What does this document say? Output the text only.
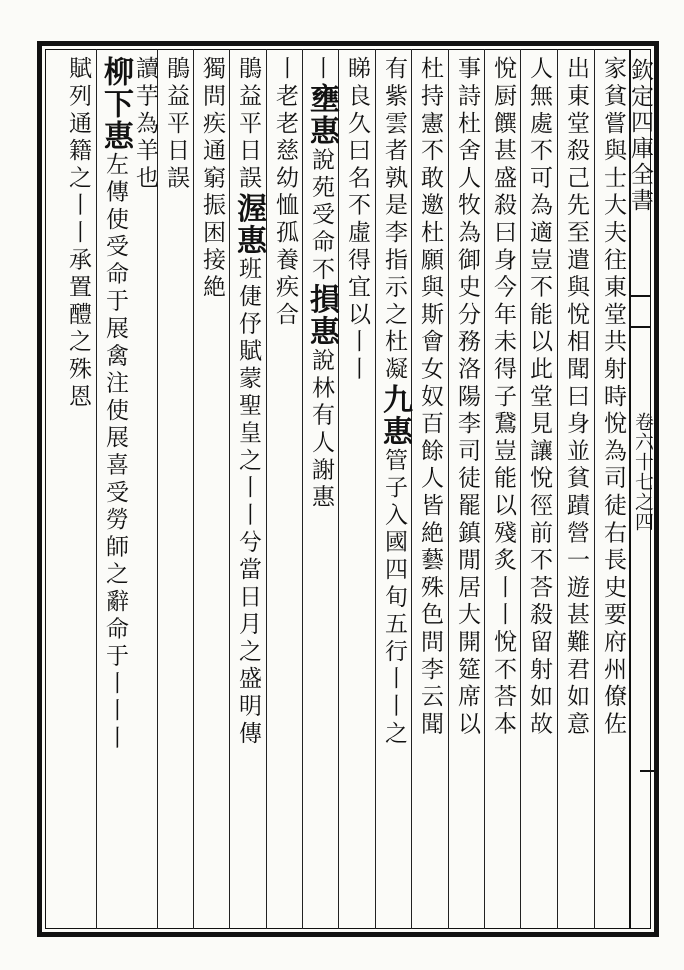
欽定四庫全書
卷六十七之四
家貧嘗與士大夫往東堂共射時悅為司徒右長史要府州僚佐
出東堂殺己先至遣與悅相聞曰身並貧蹟營一遊甚難君如意
人無處不可為適豈不能以此堂見讓悅徑前不荅殺留射如故
悅厨饌甚盛殺曰身今年未得子鵞豈能以殘炙丨丨悅不荅本
事詩杜舍人牧為御史分務洛陽李司徒罷鎮閒居大開筵席以
杜持憲不敢邀杜願與斯會女奴百餘人皆絶藝殊色問李云聞
有紫雲者孰是李指示之杜凝九惠管子入國四旬五行丨丨之
睇良久曰名不虛得宜以丨丨
丨壅惠說苑受命不損惠說林有人謝惠
丨老老慈幼恤孤養疾合
鵑益平日誤渥惠班倢伃賦蒙聖皇之丨丨兮當日月之盛明傳
獨問疾通窮振困接絶
鵑益平日誤
讀芋為羊也
柳下惠左傳使受命于展禽注使展喜受勞師之辭命于丨丨丨
賦列通籍之丨丨承置醴之殊恩
